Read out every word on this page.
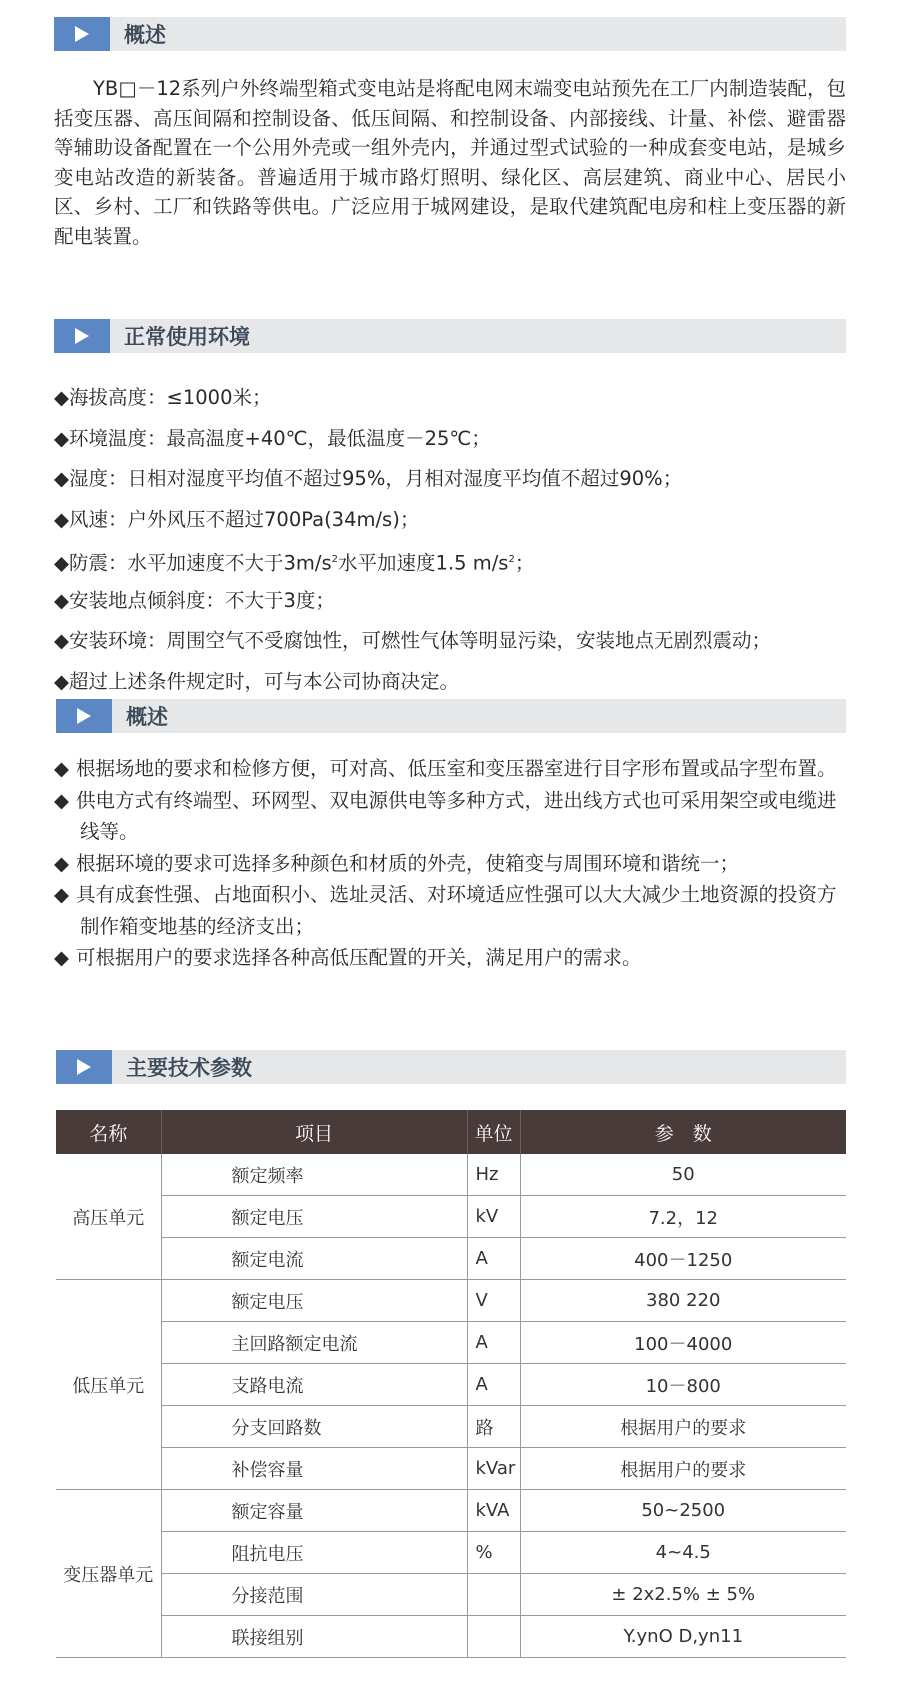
概述

YB□－12系列户外终端型箱式变电站是将配电网末端变电站预先在工厂内制造装配，包括变压器、高压间隔和控制设备、低压间隔、和控制设备、内部接线、计量、补偿、避雷器等辅助设备配置在一个公用外壳或一组外壳内，并通过型式试验的一种成套变电站，是城乡变电站改造的新装备。普遍适用于城市路灯照明、绿化区、高层建筑、商业中心、居民小区、乡村、工厂和铁路等供电。广泛应用于城网建设，是取代建筑配电房和柱上变压器的新配电装置。

正常使用环境
◆海拔高度：≤1000米；
◆环境温度：最高温度+40℃，最低温度－25℃；
◆湿度：日相对湿度平均值不超过95%，月相对湿度平均值不超过90%；
◆风速：户外风压不超过700Pa(34m/s)；
◆防震：水平加速度不大于$3m/s^2$水平加速度1.5 $m/s^2$；
◆安装地点倾斜度：不大于3度；
◆安装环境：周围空气不受腐蚀性，可燃性气体等明显污染，安装地点无剧烈震动；
◆超过上述条件规定时，可与本公司协商决定。
概述
◆ 根据场地的要求和检修方便，可对高、低压室和变压器室进行目字形布置或品字型布置。
◆ 供电方式有终端型、环网型、双电源供电等多种方式，进出线方式也可采用架空或电缆进线等。
◆ 根据环境的要求可选择多种颜色和材质的外壳，使箱变与周围环境和谐统一；
◆ 具有成套性强、占地面积小、选址灵活、对环境适应性强可以大大减少土地资源的投资方制作箱变地基的经济支出；
◆ 可根据用户的要求选择各种高低压配置的开关，满足用户的需求。
主要技术参数
名称	项目	单位	参　数
高压单元	额定频率	Hz	50
	额定电压	kV	7.2，12
	额定电流	A	400－1250
低压单元	额定电压	V	380 220
	主回路额定电流	A	100－4000
	支路电流	A	10－800
	分支回路数	路	根据用户的要求
	补偿容量	kVar	根据用户的要求
变压器单元	额定容量	kVA	50~2500
	阻抗电压	%	4~4.5
	分接范围		± 2x2.5% ± 5%
	联接组别		Y.ynO D,yn11
